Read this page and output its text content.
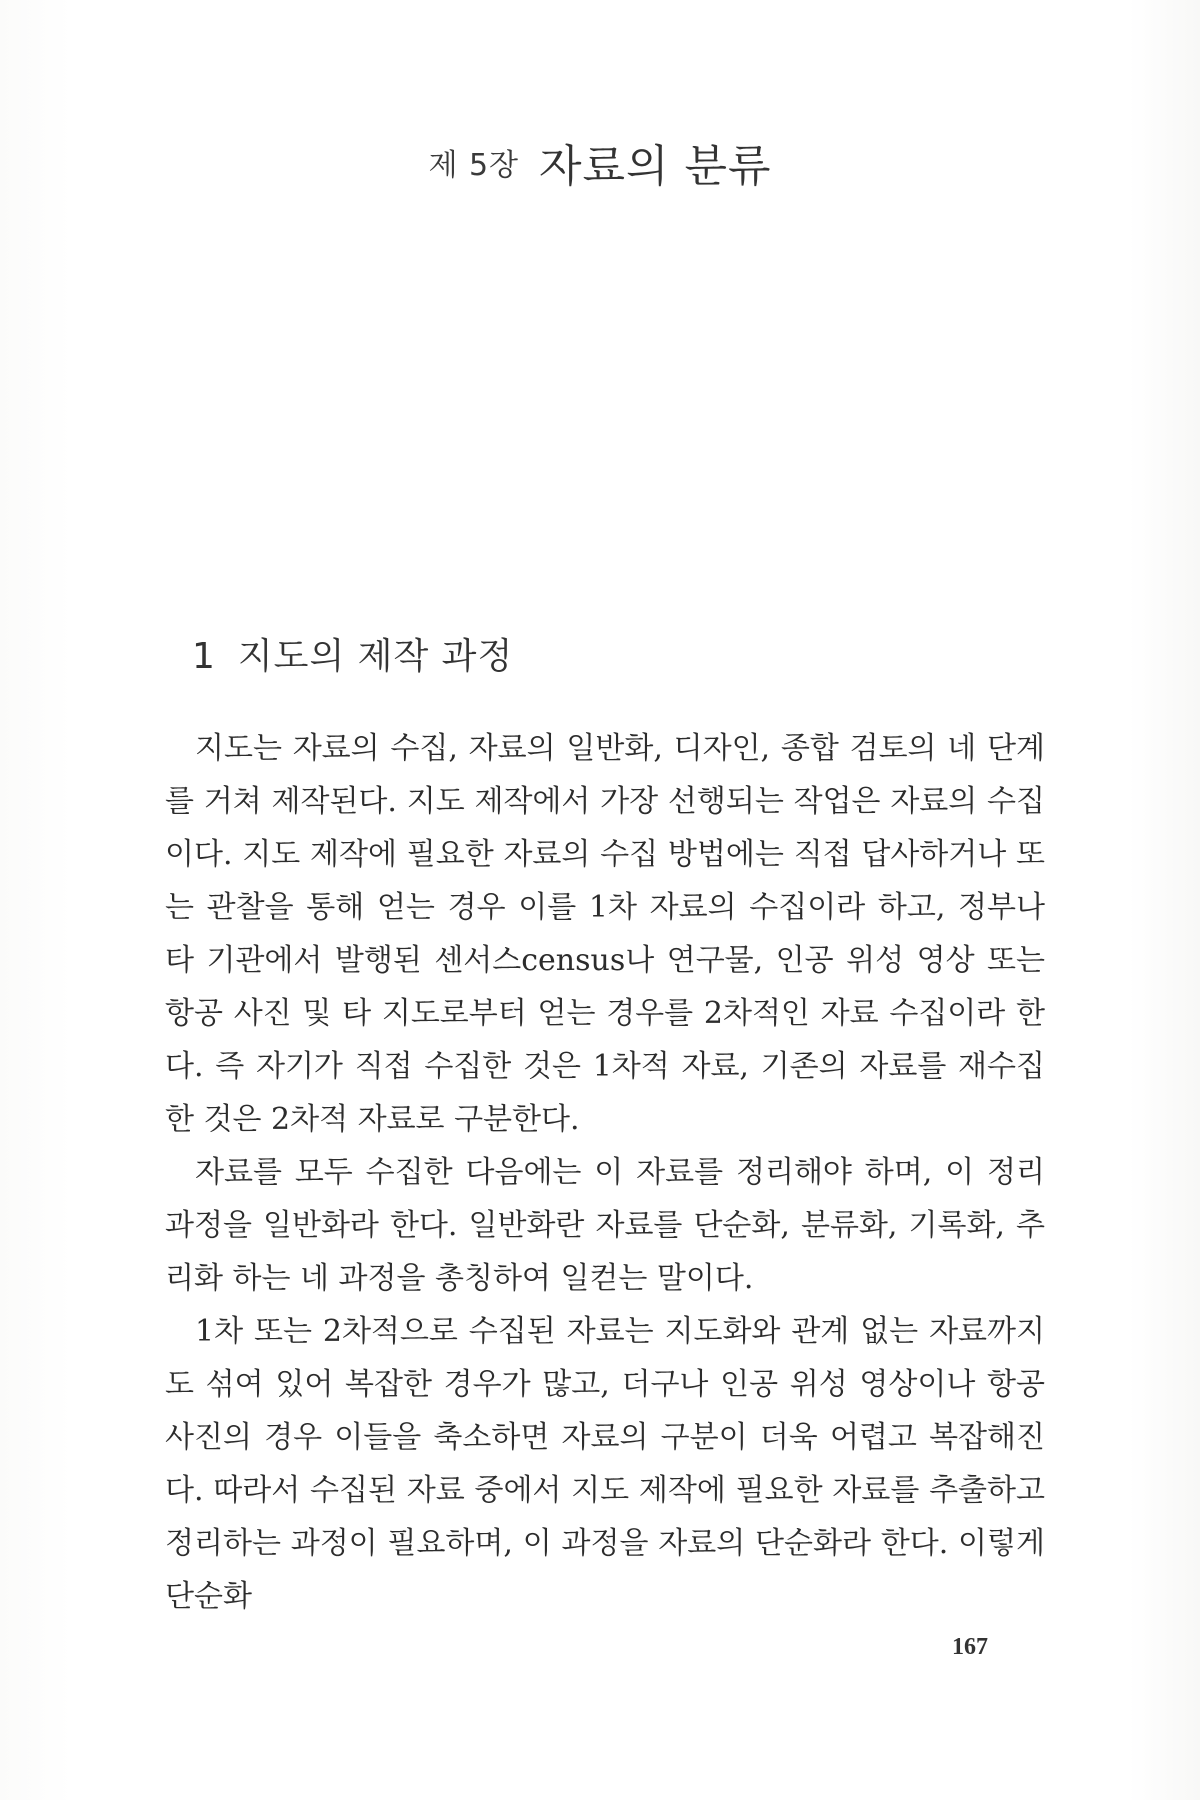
제 5장 자료의 분류
1 지도의 제작 과정

지도는 자료의 수집, 자료의 일반화, 디자인, 종합 검토의 네 단계를 거쳐 제작된다. 지도 제작에서 가장 선행되는 작업은 자료의 수집이다. 지도 제작에 필요한 자료의 수집 방법에는 직접 답사하거나 또는 관찰을 통해 얻는 경우 이를 1차 자료의 수집이라 하고, 정부나 타 기관에서 발행된 센서스census나 연구물, 인공 위성 영상 또는 항공 사진 및 타 지도로부터 얻는 경우를 2차적인 자료 수집이라 한다. 즉 자기가 직접 수집한 것은 1차적 자료, 기존의 자료를 재수집한 것은 2차적 자료로 구분한다.

자료를 모두 수집한 다음에는 이 자료를 정리해야 하며, 이 정리 과정을 일반화라 한다. 일반화란 자료를 단순화, 분류화, 기록화, 추리화 하는 네 과정을 총칭하여 일컫는 말이다.

1차 또는 2차적으로 수집된 자료는 지도화와 관계 없는 자료까지도 섞여 있어 복잡한 경우가 많고, 더구나 인공 위성 영상이나 항공 사진의 경우 이들을 축소하면 자료의 구분이 더욱 어렵고 복잡해진다. 따라서 수집된 자료 중에서 지도 제작에 필요한 자료를 추출하고 정리하는 과정이 필요하며, 이 과정을 자료의 단순화라 한다. 이렇게 단순화

167
